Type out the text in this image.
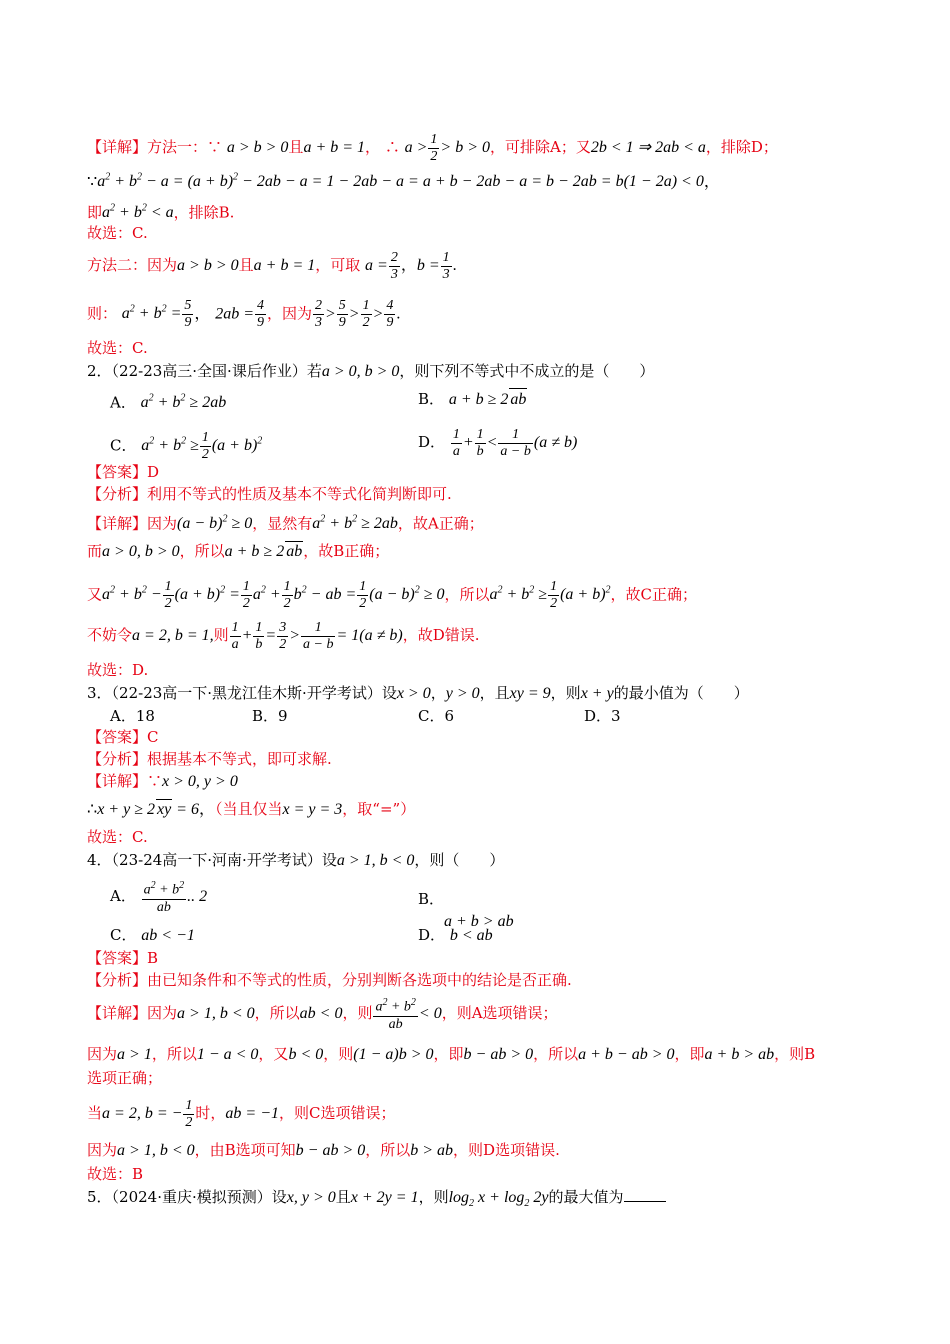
【详解】方法一：∵ a > b > 0且a + b = 1， ∴ $a > \frac{1}{2} > b > 0$，可排除A；又2b < 1 ⇒ 2ab < a，排除D；
$\because a^2 + b^2 - a = (a + b)^2 - 2ab - a = 1 - 2ab - a = a + b - 2ab - a = b - 2ab = b(1 - 2a) < 0$，
即$a^2 + b^2 < a$，排除B.
故选：C.
方法二：因为a > b > 0且a + b = 1，可取 $a = \frac{2}{3}$ ，$b = \frac{1}{3}$ .
则： $a^2 + b^2 = \frac{5}{9}$ ， $2ab = \frac{4}{9}$ ，因为 $\frac{2}{3} > \frac{5}{9} > \frac{1}{2} > \frac{4}{9}$ .
故选：C.
2．（22-23高三·全国·课后作业）若a > 0, b > 0，则下列不等式中不成立的是（　　）
A． $a^2 + b^2 \ge 2ab$	B． a + b ≥ 2 ab
C． $a^2 + b^2 \ge \frac{1}{2} (a + b)^2$	D． $\frac{1}{a} + \frac{1}{b} < \frac{1}{a - b} (a \ne b)$
【答案】D
【分析】利用不等式的性质及基本不等式化简判断即可.
【详解】因为$(a - b)^2 \ge 0$，显然有$a^2 + b^2 \ge 2ab$，故A正确；
而a > 0, b > 0，所以a + b ≥ 2 ab，故B正确；
又$a^2 + b^2 - \frac{1}{2} (a + b)^2 = \frac{1}{2} a^2 + \frac{1}{2} b^2$ − ab = $\frac{1}{2} (a - b)^2 \ge 0$，所以$a^2 + b^2 \ge \frac{1}{2} (a + b)^2$，故C正确；
不妨令a = 2, b = 1,则 $\frac{1}{a} + \frac{1}{b} = \frac{3}{2} > \frac{1}{a - b} = 1(a \ne b)$，故D错误.
故选：D.
3．（22-23高一下·黑龙江佳木斯·开学考试）设x > 0，y > 0，且xy = 9，则x + y的最小值为（　　）
A．18	B．9	C．6	D．3
【答案】C
【分析】根据基本不等式，即可求解.
【详解】∵x > 0, y > 0
∴x + y ≥ 2 xy = 6，（当且仅当x = y = 3，取“=”）
故选：C.
4．（23-24高一下·河南·开学考试）设a > 1, b < 0，则（　　）
A． $\frac{a^2 + b^2}{ab}$ .. 2	B．
a + b > ab
C． ab < −1	D． b < ab
【答案】B
【分析】由已知条件和不等式的性质，分别判断各选项中的结论是否正确.
【详解】因为a > 1, b < 0，所以ab < 0，则 $\frac{a^2 + b^2}{ab} < 0$，则A选项错误；
因为a > 1，所以1 − a < 0，又b < 0，则(1 − a)b > 0，即b − ab > 0，所以a + b − ab > 0，即a + b > ab，则B
选项正确；
当a = 2, b = − $\frac{1}{2}$ 时，ab = −1，则C选项错误；
因为a > 1, b < 0，由B选项可知b − ab > 0，所以b > ab，则D选项错误.
故选：B
5．（2024·重庆·模拟预测）设x, y > 0且x + 2y = 1，则$\log_2 x + \log_2 2y$的最大值为
